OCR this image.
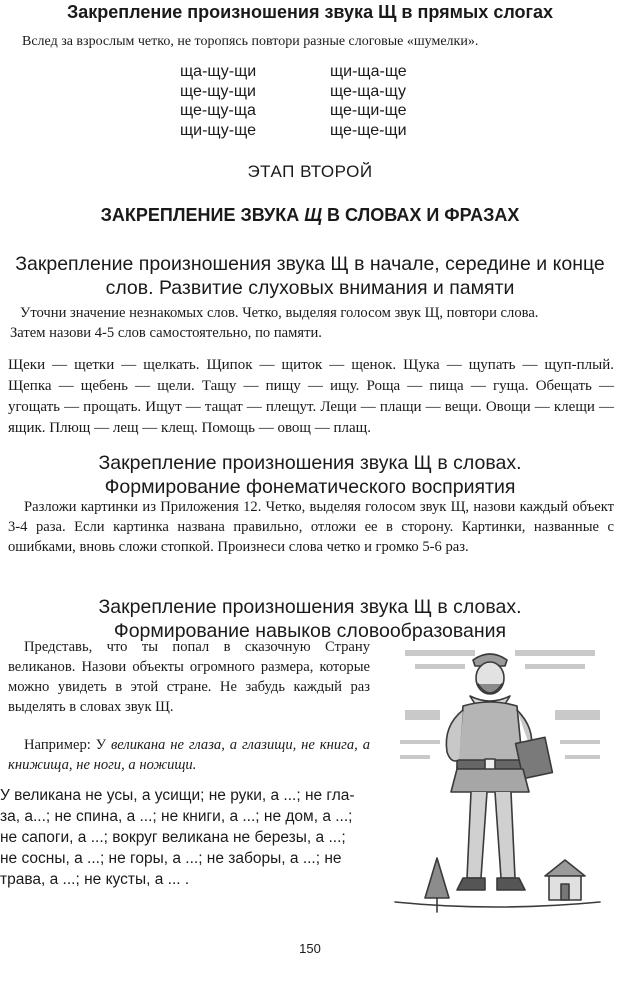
Закрепление произношения звука Щ в прямых слогах

Вслед за взрослым четко, не торопясь повтори разные слоговые «шумелки».

ща-щу-щи
ще-щу-щи
ще-щу-ща
щи-щу-ще
щи-ща-ще
ще-ща-щу
ще-щи-ще
ще-ще-щи
ЭТАП ВТОРОЙ
ЗАКРЕПЛЕНИЕ ЗВУКА Щ В СЛОВАХ И ФРАЗАХ
Закрепление произношения звука Щ в начале, середине и конце
слов. Развитие слуховых внимания и памяти
Уточни значение незнакомых слов. Четко, выделяя голосом звук Щ, повтори слова.
Затем назови 4-5 слов самостоятельно, по памяти.

Щеки — щетки — щелкать. Щипок — щиток — щенок. Щука — щупать — щуп-плый. Щепка — щебень — щели. Тащу — пищу — ищу. Роща — пища — гуща. Обещать — угощать — прощать. Ищут — тащат — плещут. Лещи — плащи — вещи. Овощи — клещи — ящик. Плющ — лещ — клещ. Помощь — овощ — плащ.

Закрепление произношения звука Щ в словах.
Формирование фонематического восприятия

Разложи картинки из Приложения 12. Четко, выделяя голосом звук Щ, назови каждый объект 3-4 раза. Если картинка названа правильно, отложи ее в сторону. Картинки, названные с ошибками, вновь сложи стопкой. Произнеси слова четко и громко 5-6 раз.

Закрепление произношения звука Щ в словах.
Формирование навыков словообразования

Представь, что ты попал в сказочную Страну великанов. Назови объекты огромного размера, которые можно увидеть в этой стране. Не забудь каждый раз выделять в словах звук Щ.

Например: У великана не глаза, а глазищи, не книга, а книжища, не ноги, а ножищи.

У великана не усы, а усищи; не руки, а ...; не гла-
за, а...; не спина, а ...; не книги, а ...; не дом, а ...;
не сапоги, а ...; вокруг великана не березы, а ...;
не сосны, а ...; не горы, а ...; не заборы, а ...; не
трава, а ...; не кусты, а ... .
150
